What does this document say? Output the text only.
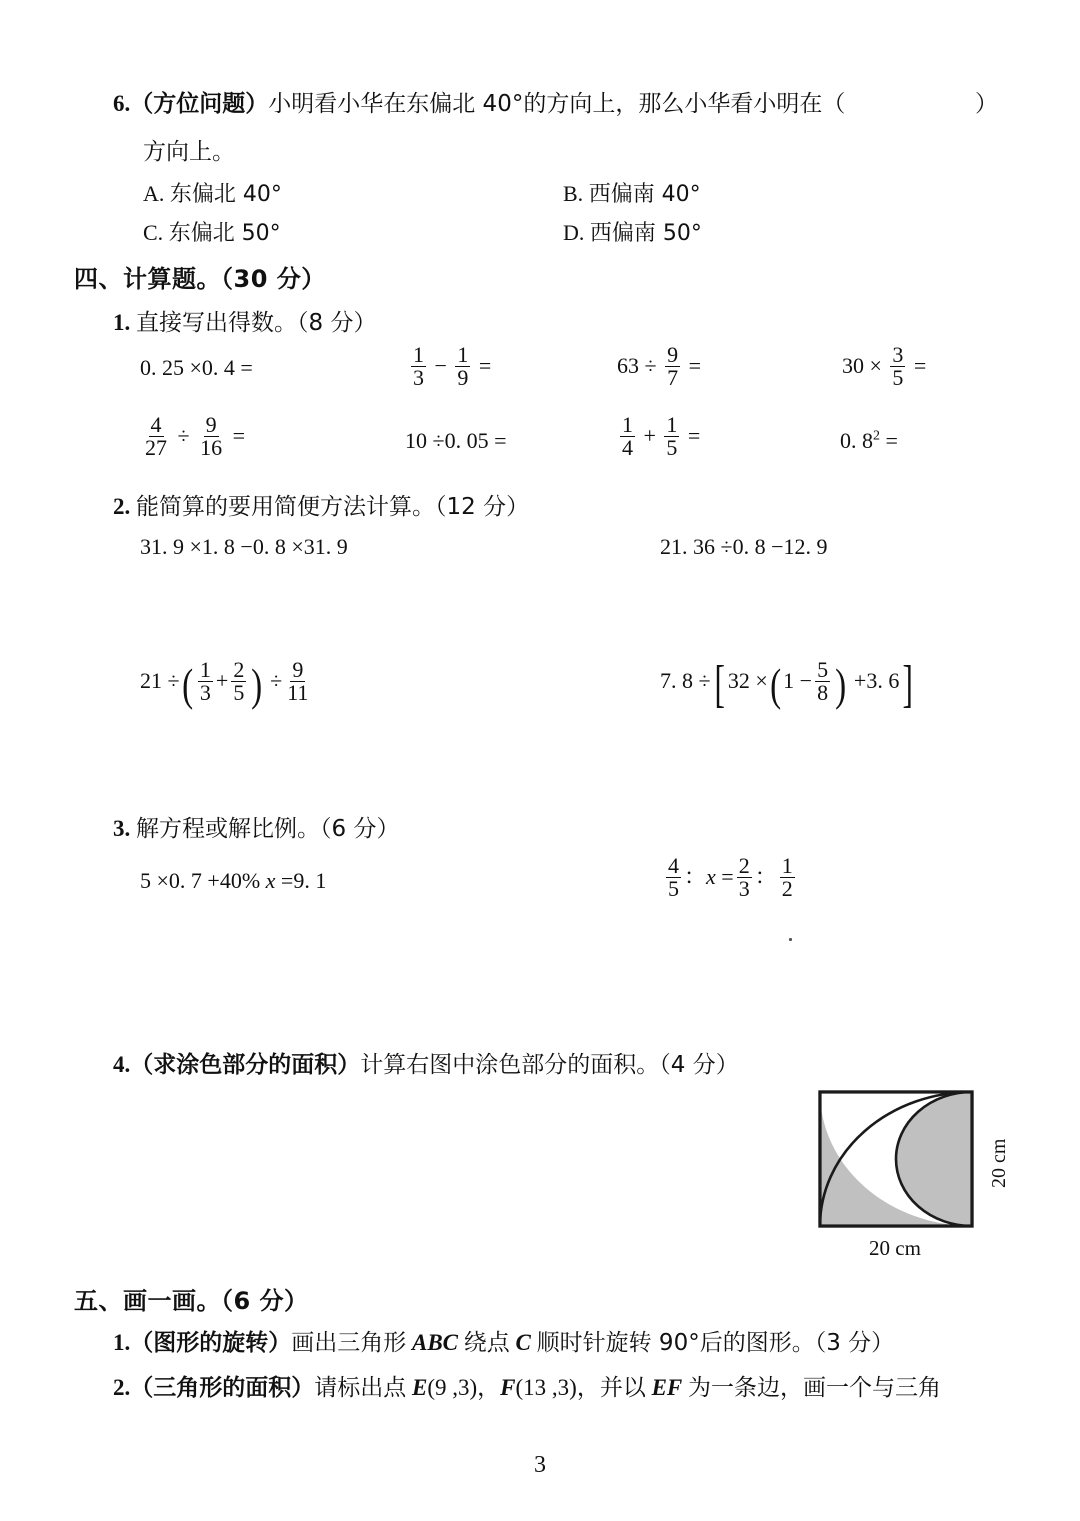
6.（方位问题）小明看小华在东偏北 40°的方向上，那么小华看小明在（	）
方向上。
A. 东偏北 40°	B. 西偏南 40°
C. 东偏北 50°	D. 西偏南 50°
四、计算题。（30 分）
1. 直接写出得数。（8 分）
0. 25 ×0. 4 =	$\frac{1}{3} - \frac{1}{9}$ =	$63 \div \frac{9}{7}$ =	$30 \times \frac{3}{5}$ =
$\frac{4}{27} \div \frac{9}{16}$ =	10 ÷0. 05 =	$\frac{1}{4} + \frac{1}{5}$ =	0. $8^2$ =
2. 能简算的要用简便方法计算。（12 分）
31. 9 ×1. 8 −0. 8 ×31. 9	21. 36 ÷0. 8 −12. 9
21 ÷( $\frac{1}{3} + \frac{2}{5}$ ) ÷ $\frac{9}{11}$	7. 8 ÷[ $32 \times(1 - \frac{5}{8}$ ) +3. 6]
3. 解方程或解比例。（6 分）
5 ×0. 7 +40% x =9. 1	$\frac{4}{5}$ ：$x = \frac{2}{3}$ ： $\frac{1}{2}$
4.（求涂色部分的面积）计算右图中涂色部分的面积。（4 分）
20 cm
20 cm
五、画一画。（6 分）
1.（图形的旋转）画出三角形 ABC 绕点 C 顺时针旋转 90°后的图形。（3 分）
2.（三角形的面积）请标出点 E(9 ,3)，F(13 ,3)，并以 EF 为一条边，画一个与三角
3
